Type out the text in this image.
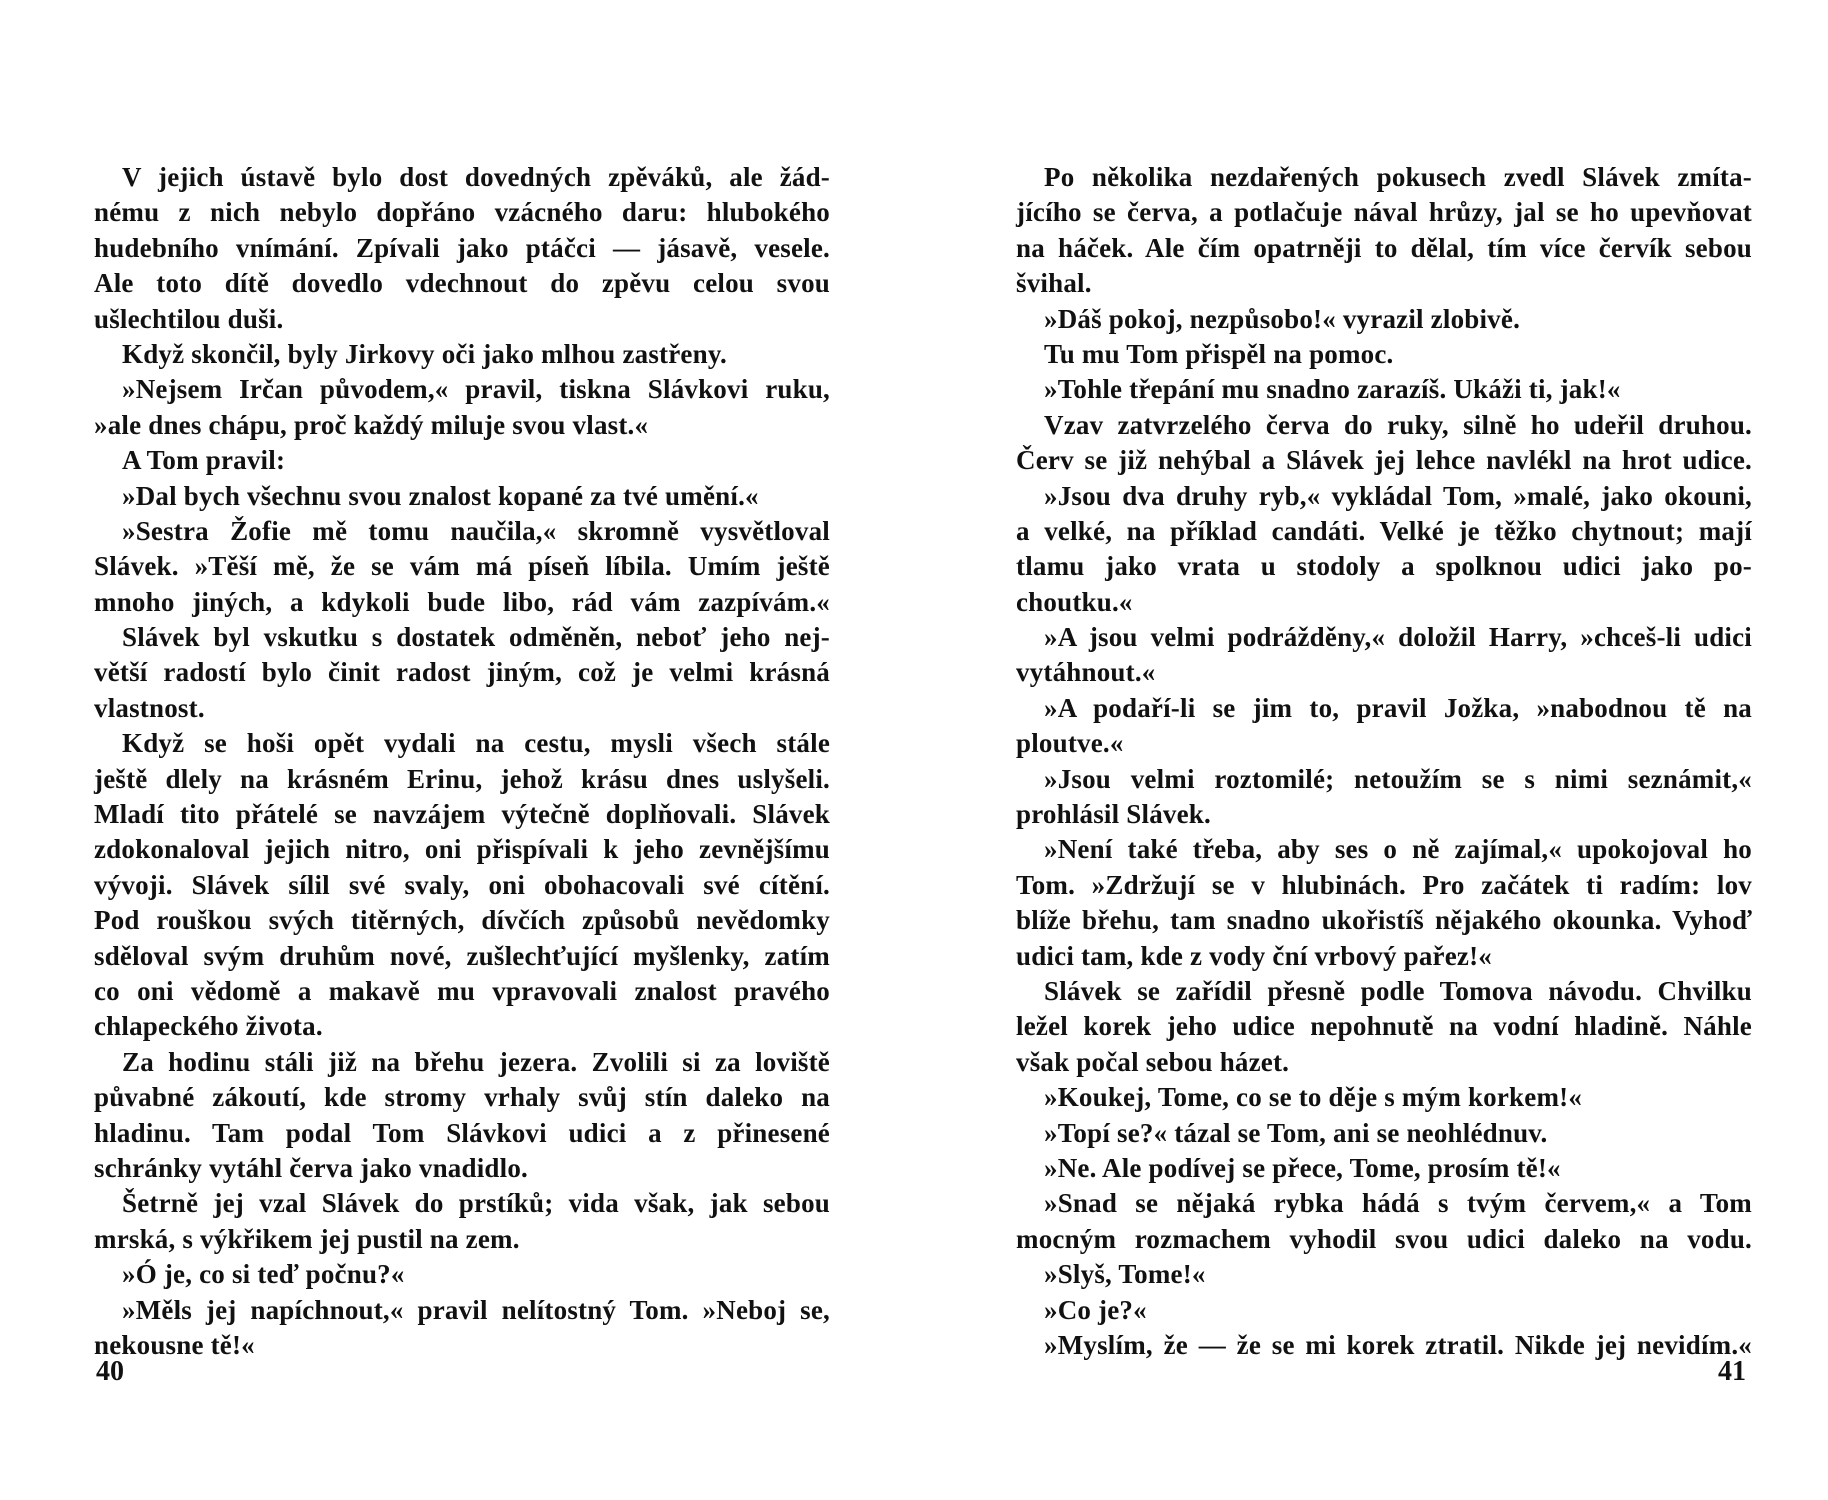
V jejich ústavě bylo dost dovedných zpěváků, ale žád-
nému z nich nebylo dopřáno vzácného daru: hlubokého
hudebního vnímání. Zpívali jako ptáčci — jásavě, vesele.
Ale toto dítě dovedlo vdechnout do zpěvu celou svou
ušlechtilou duši.
Když skončil, byly Jirkovy oči jako mlhou zastřeny.
»Nejsem Irčan původem,« pravil, tiskna Slávkovi ruku,
»ale dnes chápu, proč každý miluje svou vlast.«
A Tom pravil:
»Dal bych všechnu svou znalost kopané za tvé umění.«
»Sestra Žofie mě tomu naučila,« skromně vysvětloval
Slávek. »Těší mě, že se vám má píseň líbila. Umím ještě
mnoho jiných, a kdykoli bude libo, rád vám zazpívám.«
Slávek byl vskutku s dostatek odměněn, neboť jeho nej-
větší radostí bylo činit radost jiným, což je velmi krásná
vlastnost.
Když se hoši opět vydali na cestu, mysli všech stále
ještě dlely na krásném Erinu, jehož krásu dnes uslyšeli.
Mladí tito přátelé se navzájem výtečně doplňovali. Slávek
zdokonaloval jejich nitro, oni přispívali k jeho zevnějšímu
vývoji. Slávek sílil své svaly, oni obohacovali své cítění.
Pod rouškou svých titěrných, dívčích způsobů nevědomky
sděloval svým druhům nové, zušlechťující myšlenky, zatím
co oni vědomě a makavě mu vpravovali znalost pravého
chlapeckého života.
Za hodinu stáli již na břehu jezera. Zvolili si za loviště
půvabné zákoutí, kde stromy vrhaly svůj stín daleko na
hladinu. Tam podal Tom Slávkovi udici a z přinesené
schránky vytáhl červa jako vnadidlo.
Šetrně jej vzal Slávek do prstíků; vida však, jak sebou
mrská, s výkřikem jej pustil na zem.
»Ó je, co si teď počnu?«
»Měls jej napíchnout,« pravil nelítostný Tom. »Neboj se,
nekousne tě!«
40
Po několika nezdařených pokusech zvedl Slávek zmíta-
jícího se červa, a potlačuje nával hrůzy, jal se ho upevňovat
na háček. Ale čím opatrněji to dělal, tím více červík sebou
švihal.
»Dáš pokoj, nezpůsobo!« vyrazil zlobivě.
Tu mu Tom přispěl na pomoc.
»Tohle třepání mu snadno zarazíš. Ukáži ti, jak!«
Vzav zatvrzelého červa do ruky, silně ho udeřil druhou.
Červ se již nehýbal a Slávek jej lehce navlékl na hrot udice.
»Jsou dva druhy ryb,« vykládal Tom, »malé, jako okouni,
a velké, na příklad candáti. Velké je těžko chytnout; mají
tlamu jako vrata u stodoly a spolknou udici jako po-
choutku.«
»A jsou velmi podrážděny,« doložil Harry, »chceš-li udici
vytáhnout.«
»A podaří-li se jim to, pravil Jožka, »nabodnou tě na
ploutve.«
»Jsou velmi roztomilé; netoužím se s nimi seznámit,«
prohlásil Slávek.
»Není také třeba, aby ses o ně zajímal,« upokojoval ho
Tom. »Zdržují se v hlubinách. Pro začátek ti radím: lov
blíže břehu, tam snadno ukořistíš nějakého okounka. Vyhoď
udici tam, kde z vody ční vrbový pařez!«
Slávek se zařídil přesně podle Tomova návodu. Chvilku
ležel korek jeho udice nepohnutě na vodní hladině. Náhle
však počal sebou házet.
»Koukej, Tome, co se to děje s mým korkem!«
»Topí se?« tázal se Tom, ani se neohlédnuv.
»Ne. Ale podívej se přece, Tome, prosím tě!«
»Snad se nějaká rybka hádá s tvým červem,« a Tom
mocným rozmachem vyhodil svou udici daleko na vodu.
»Slyš, Tome!«
»Co je?«
»Myslím, že — že se mi korek ztratil. Nikde jej nevidím.«
41
